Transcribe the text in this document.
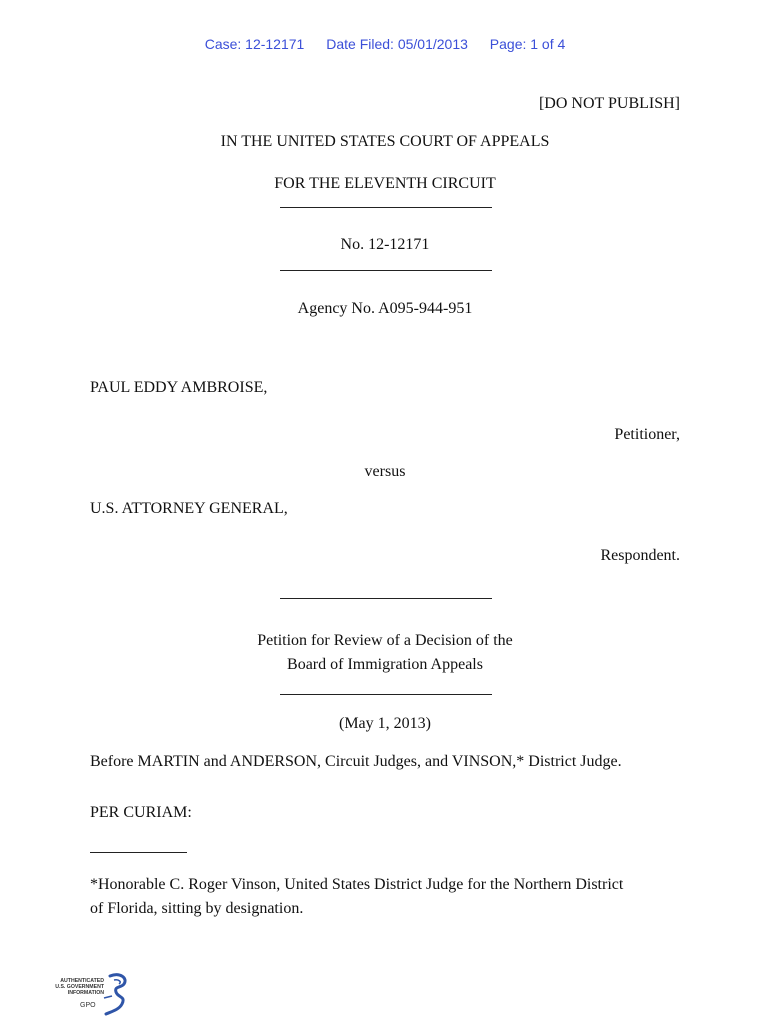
Case: 12-12171 Date Filed: 05/01/2013 Page: 1 of 4
[DO NOT PUBLISH]
IN THE UNITED STATES COURT OF APPEALS
FOR THE ELEVENTH CIRCUIT
No. 12-12171
Agency No. A095-944-951
PAUL EDDY AMBROISE,
Petitioner,
versus
U.S. ATTORNEY GENERAL,
Respondent.
Petition for Review of a Decision of the
Board of Immigration Appeals
(May 1, 2013)
Before MARTIN and ANDERSON, Circuit Judges, and VINSON,* District Judge.
PER CURIAM:
*Honorable C. Roger Vinson, United States District Judge for the Northern District
of Florida, sitting by designation.
AUTHENTICATED
U.S. GOVERNMENT
INFORMATION
GPO
